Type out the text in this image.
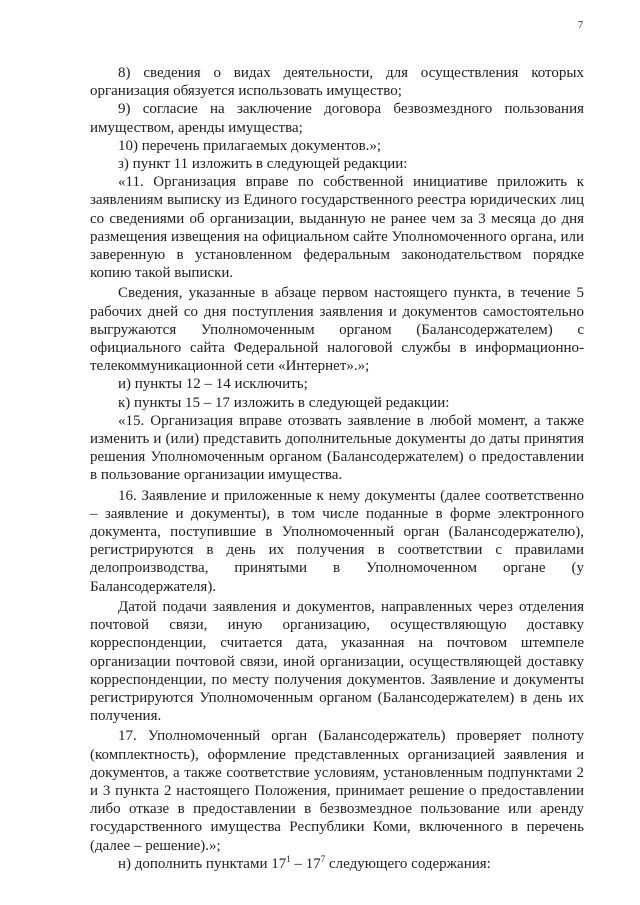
7

8) сведения о видах деятельности, для осуществления которых организация обязуется использовать имущество;

9) согласие на заключение договора безвозмездного пользования имуществом, аренды имущества;

10) перечень прилагаемых документов.»;

з) пункт 11 изложить в следующей редакции:

«11. Организация вправе по собственной инициативе приложить к заявлениям выписку из Единого государственного реестра юридических лиц со сведениями об организации, выданную не ранее чем за 3 месяца до дня размещения извещения на официальном сайте Уполномоченного органа, или заверенную в установленном федеральным законодательством порядке копию такой выписки.

Сведения, указанные в абзаце первом настоящего пункта, в течение 5 рабочих дней со дня поступления заявления и документов самостоятельно выгружаются Уполномоченным органом (Балансодержателем) с официального сайта Федеральной налоговой службы в информационно-телекоммуникационной сети «Интернет».»;

и) пункты 12 – 14 исключить;

к) пункты 15 – 17 изложить в следующей редакции:

«15. Организация вправе отозвать заявление в любой момент, а также изменить и (или) представить дополнительные документы до даты принятия решения Уполномоченным органом (Балансодержателем) о предоставлении в пользование организации имущества.

16. Заявление и приложенные к нему документы (далее соответственно – заявление и документы), в том числе поданные в форме электронного документа, поступившие в Уполномоченный орган (Балансодержателю), регистрируются в день их получения в соответствии с правилами делопроизводства, принятыми в Уполномоченном органе (у Балансодержателя).

Датой подачи заявления и документов, направленных через отделения почтовой связи, иную организацию, осуществляющую доставку корреспонденции, считается дата, указанная на почтовом штемпеле организации почтовой связи, иной организации, осуществляющей доставку корреспонденции, по месту получения документов. Заявление и документы регистрируются Уполномоченным органом (Балансодержателем) в день их получения.

17. Уполномоченный орган (Балансодержатель) проверяет полноту (комплектность), оформление представленных организацией заявления и документов, а также соответствие условиям, установленным подпунктами 2 и 3 пункта 2 настоящего Положения, принимает решение о предоставлении либо отказе в предоставлении в безвозмездное пользование или аренду государственного имущества Республики Коми, включенного в перечень (далее – решение).»;

н) дополнить пунктами $17^1 - 17^7$ следующего содержания:
